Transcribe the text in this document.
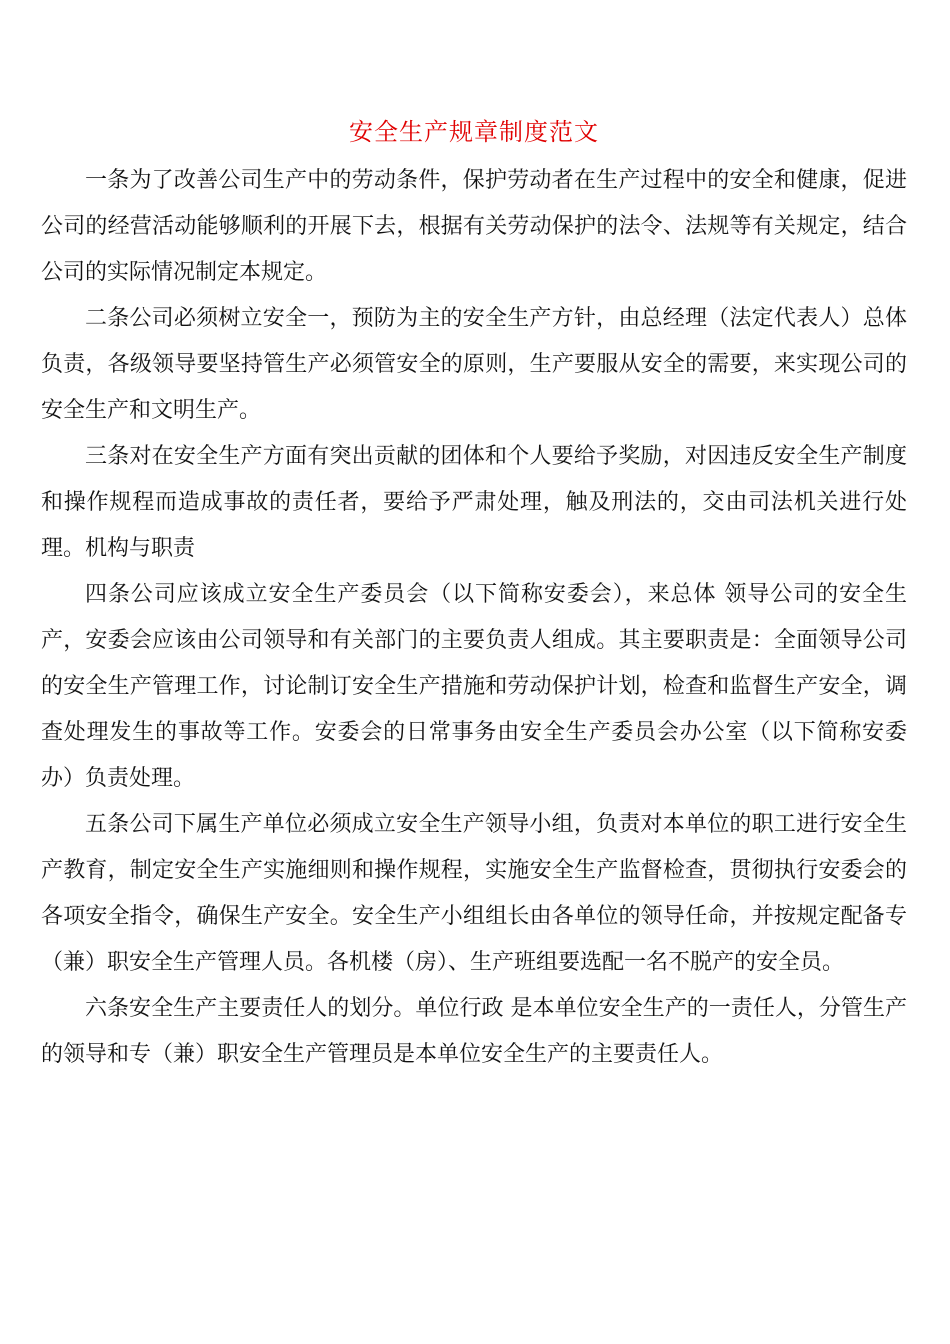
安全生产规章制度范文

一条为了改善公司生产中的劳动条件，保护劳动者在生产过程中的安全和健康，促进公司的经营活动能够顺利的开展下去，根据有关劳动保护的法令、法规等有关规定，结合公司的实际情况制定本规定。

二条公司必须树立安全一，预防为主的安全生产方针，由总经理（法定代表人）总体负责，各级领导要坚持管生产必须管安全的原则，生产要服从安全的需要，来实现公司的安全生产和文明生产。

三条对在安全生产方面有突出贡献的团体和个人要给予奖励，对因违反安全生产制度和操作规程而造成事故的责任者，要给予严肃处理，触及刑法的，交由司法机关进行处理。机构与职责

四条公司应该成立安全生产委员会（以下简称安委会），来总体 领导公司的安全生产，安委会应该由公司领导和有关部门的主要负责人组成。其主要职责是：全面领导公司的安全生产管理工作，讨论制订安全生产措施和劳动保护计划，检查和监督生产安全，调查处理发生的事故等工作。安委会的日常事务由安全生产委员会办公室（以下简称安委办）负责处理。

五条公司下属生产单位必须成立安全生产领导小组，负责对本单位的职工进行安全生产教育，制定安全生产实施细则和操作规程，实施安全生产监督检查，贯彻执行安委会的各项安全指令，确保生产安全。安全生产小组组长由各单位的领导任命，并按规定配备专（兼）职安全生产管理人员。各机楼（房）、生产班组要选配一名不脱产的安全员。

六条安全生产主要责任人的划分。单位行政 是本单位安全生产的一责任人，分管生产的领导和专（兼）职安全生产管理员是本单位安全生产的主要责任人。
